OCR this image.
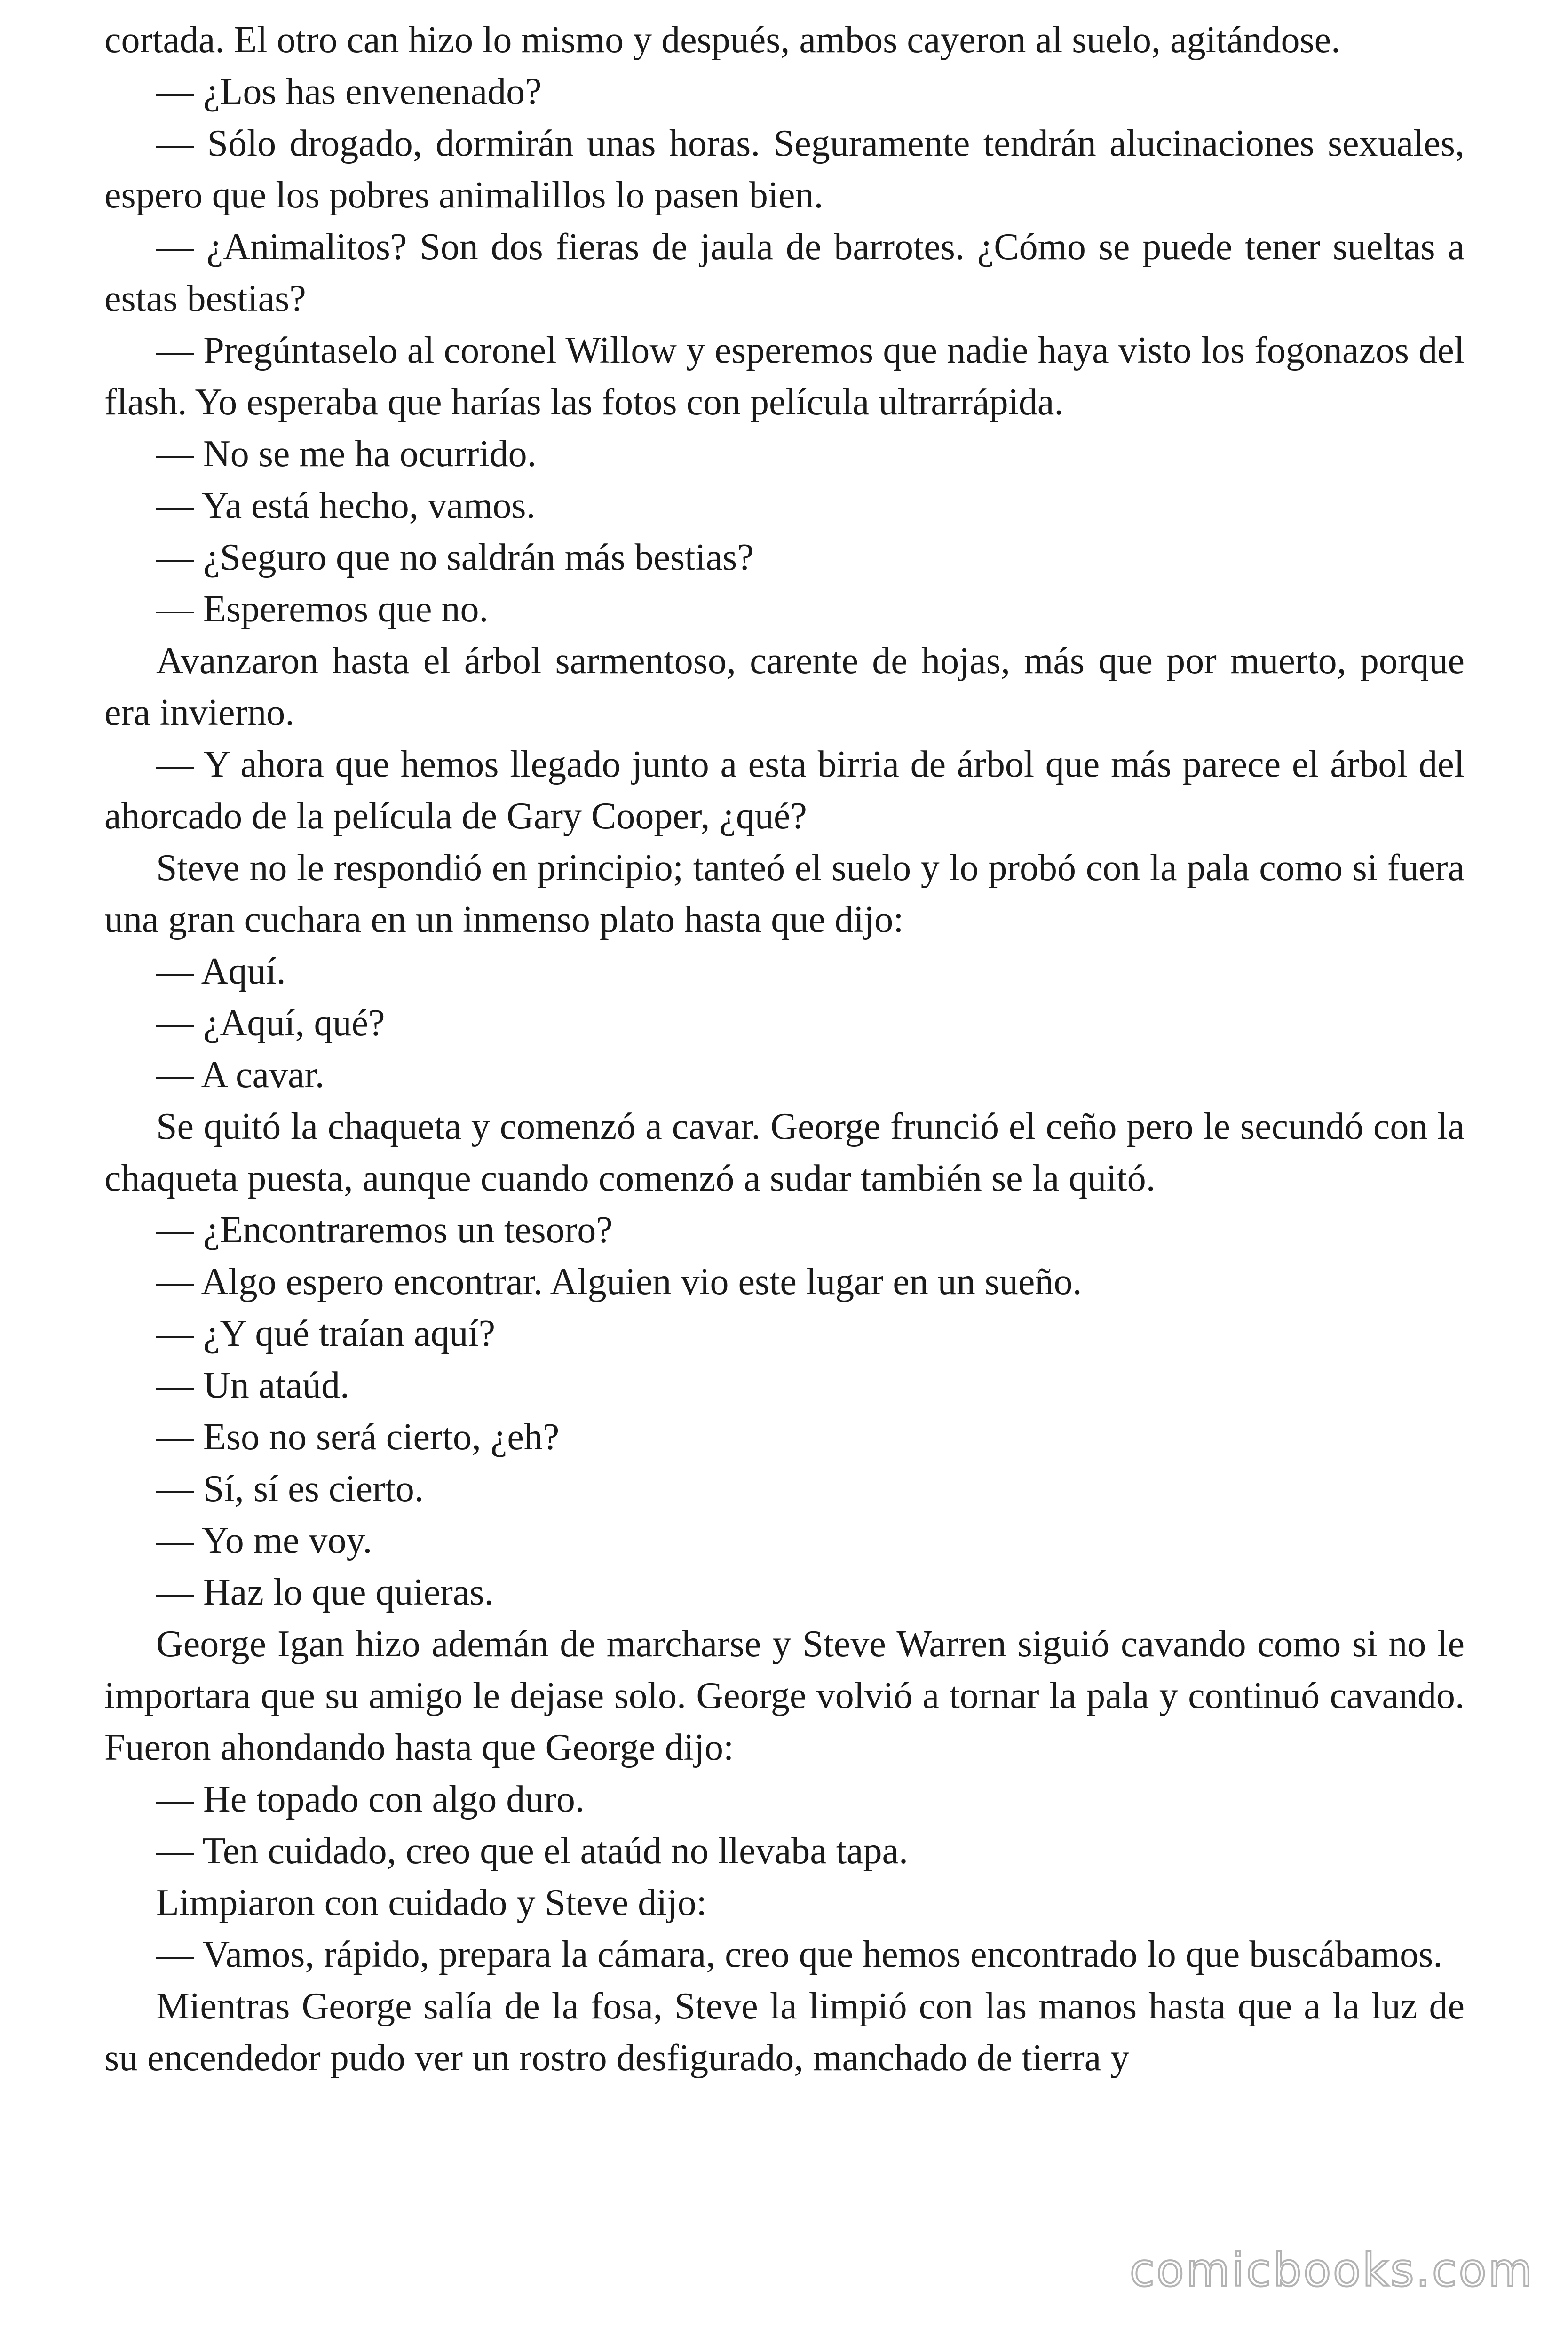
cortada. El otro can hizo lo mismo y después, ambos cayeron al suelo, agitándose.

— ¿Los has envenenado?

— Sólo drogado, dormirán unas horas. Seguramente tendrán alucinaciones sexuales, espero que los pobres animalillos lo pasen bien.

— ¿Animalitos? Son dos fieras de jaula de barrotes. ¿Cómo se puede tener sueltas a estas bestias?

— Pregúntaselo al coronel Willow y esperemos que nadie haya visto los fogonazos del flash. Yo esperaba que harías las fotos con película ultrarrápida.

— No se me ha ocurrido.

— Ya está hecho, vamos.

— ¿Seguro que no saldrán más bestias?

— Esperemos que no.

Avanzaron hasta el árbol sarmentoso, carente de hojas, más que por muerto, porque era invierno.

— Y ahora que hemos llegado junto a esta birria de árbol que más parece el árbol del ahorcado de la película de Gary Cooper, ¿qué?

Steve no le respondió en principio; tanteó el suelo y lo probó con la pala como si fuera una gran cuchara en un inmenso plato hasta que dijo:

— Aquí.

— ¿Aquí, qué?

— A cavar.

Se quitó la chaqueta y comenzó a cavar. George frunció el ceño pero le secundó con la chaqueta puesta, aunque cuando comenzó a sudar también se la quitó.

— ¿Encontraremos un tesoro?

— Algo espero encontrar. Alguien vio este lugar en un sueño.

— ¿Y qué traían aquí?

— Un ataúd.

— Eso no será cierto, ¿eh?

— Sí, sí es cierto.

— Yo me voy.

— Haz lo que quieras.

George Igan hizo ademán de marcharse y Steve Warren siguió cavando como si no le importara que su amigo le dejase solo. George volvió a tornar la pala y continuó cavando. Fueron ahondando hasta que George dijo:

— He topado con algo duro.

— Ten cuidado, creo que el ataúd no llevaba tapa.

Limpiaron con cuidado y Steve dijo:

— Vamos, rápido, prepara la cámara, creo que hemos encontrado lo que buscábamos.

Mientras George salía de la fosa, Steve la limpió con las manos hasta que a la luz de su encendedor pudo ver un rostro desfigurado, manchado de tierra y

comicbooks.com
